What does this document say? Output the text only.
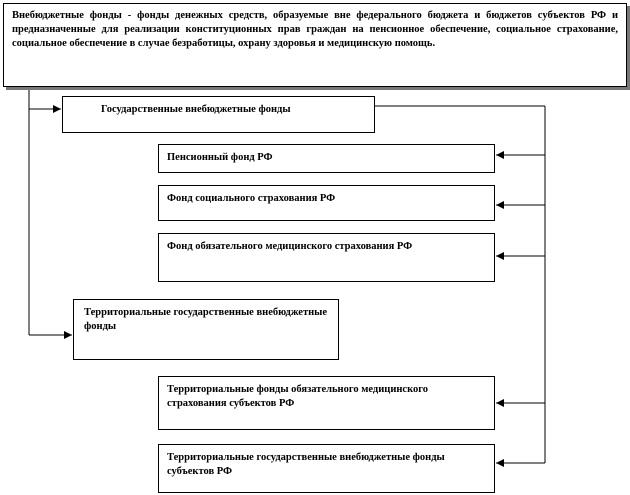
Внебюджетные фонды - фонды денежных средств, образуемые вне федерального бюджета и бюджетов субъектов РФ и предназначенные для реализации конституционных прав граждан на пенсионное обеспечение, социальное страхование, социальное обеспечение в случае безработицы, охрану здоровья и медицинскую помощь.
Государственные внебюджетные фонды
Пенсионный фонд РФ
Фонд социального страхования РФ
Фонд обязательного медицинского страхования РФ
Территориальные государственные внебюджетные фонды
Территориальные фонды обязательного медицинского страхования субъектов РФ
Территориальные государственные внебюджетные фонды субъектов РФ
